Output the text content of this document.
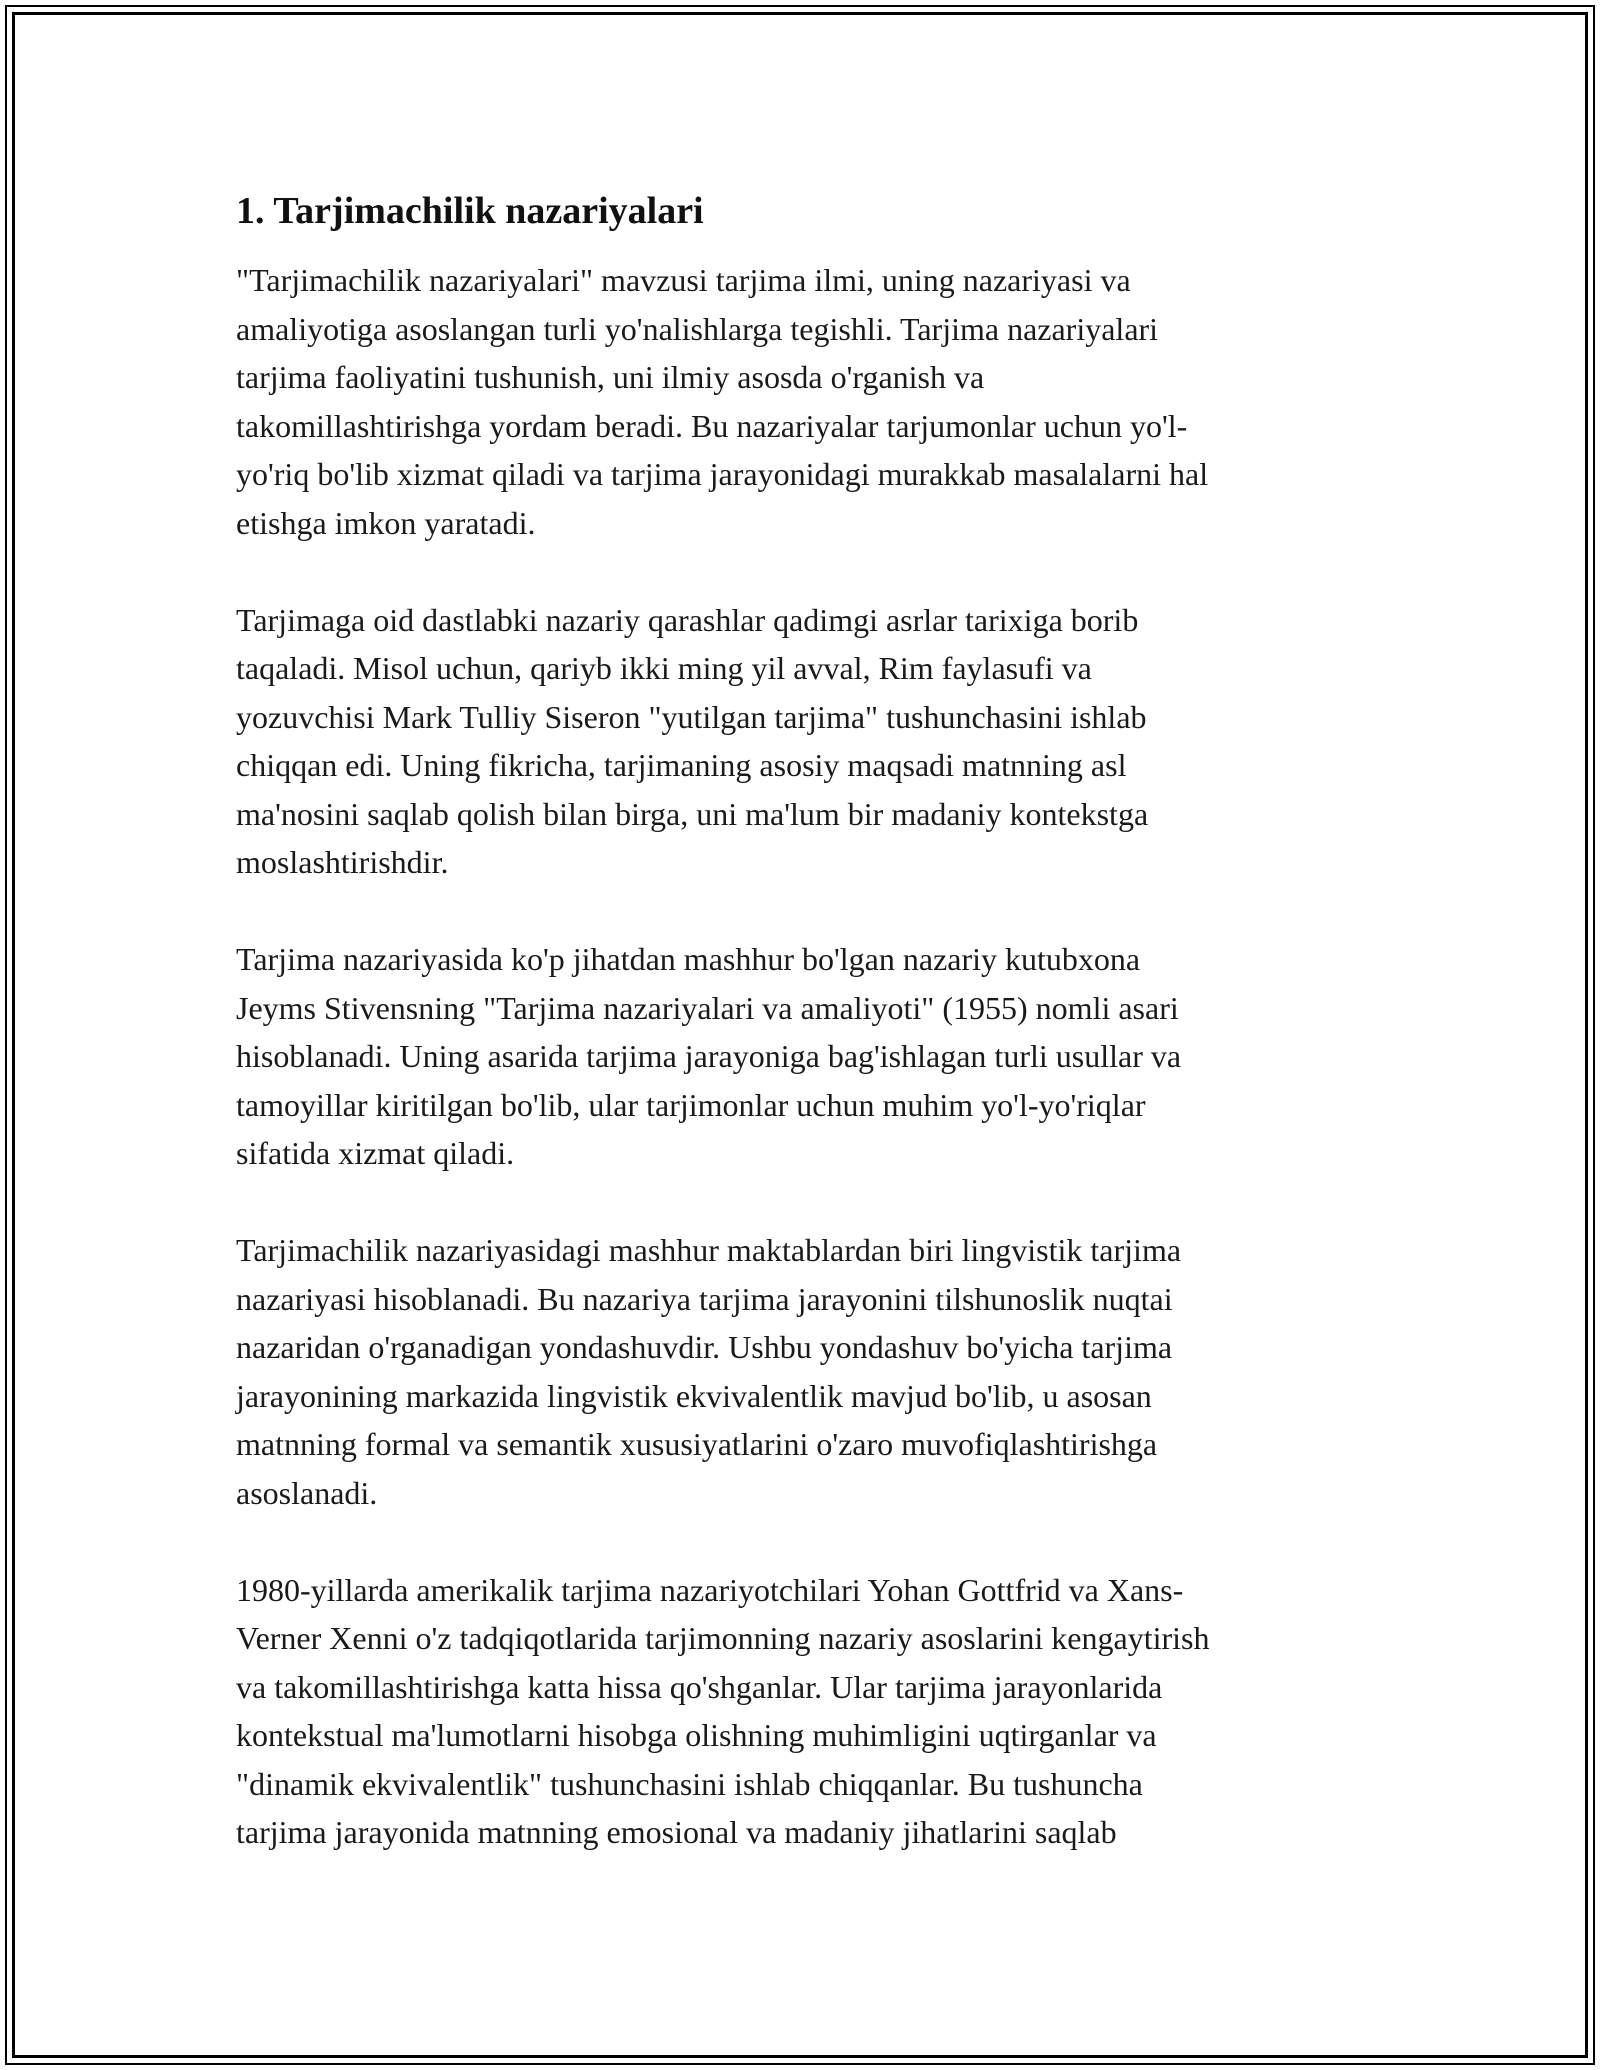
1. Tarjimachilik nazariyalari

"Tarjimachilik nazariyalari" mavzusi tarjima ilmi, uning nazariyasi va
amaliyotiga asoslangan turli yo'nalishlarga tegishli. Tarjima nazariyalari
tarjima faoliyatini tushunish, uni ilmiy asosda o'rganish va
takomillashtirishga yordam beradi. Bu nazariyalar tarjumonlar uchun yo'l-
yo'riq bo'lib xizmat qiladi va tarjima jarayonidagi murakkab masalalarni hal
etishga imkon yaratadi.

Tarjimaga oid dastlabki nazariy qarashlar qadimgi asrlar tarixiga borib
taqaladi. Misol uchun, qariyb ikki ming yil avval, Rim faylasufi va
yozuvchisi Mark Tulliy Siseron "yutilgan tarjima" tushunchasini ishlab
chiqqan edi. Uning fikricha, tarjimaning asosiy maqsadi matnning asl
ma'nosini saqlab qolish bilan birga, uni ma'lum bir madaniy kontekstga
moslashtirishdir.

Tarjima nazariyasida ko'p jihatdan mashhur bo'lgan nazariy kutubxona
Jeyms Stivensning "Tarjima nazariyalari va amaliyoti" (1955) nomli asari
hisoblanadi. Uning asarida tarjima jarayoniga bag'ishlagan turli usullar va
tamoyillar kiritilgan bo'lib, ular tarjimonlar uchun muhim yo'l-yo'riqlar
sifatida xizmat qiladi.

Tarjimachilik nazariyasidagi mashhur maktablardan biri lingvistik tarjima
nazariyasi hisoblanadi. Bu nazariya tarjima jarayonini tilshunoslik nuqtai
nazaridan o'rganadigan yondashuvdir. Ushbu yondashuv bo'yicha tarjima
jarayonining markazida lingvistik ekvivalentlik mavjud bo'lib, u asosan
matnning formal va semantik xususiyatlarini o'zaro muvofiqlashtirishga
asoslanadi.

1980-yillarda amerikalik tarjima nazariyotchilari Yohan Gottfrid va Xans-
Verner Xenni o'z tadqiqotlarida tarjimonning nazariy asoslarini kengaytirish
va takomillashtirishga katta hissa qo'shganlar. Ular tarjima jarayonlarida
kontekstual ma'lumotlarni hisobga olishning muhimligini uqtirganlar va
"dinamik ekvivalentlik" tushunchasini ishlab chiqqanlar. Bu tushuncha
tarjima jarayonida matnning emosional va madaniy jihatlarini saqlab
